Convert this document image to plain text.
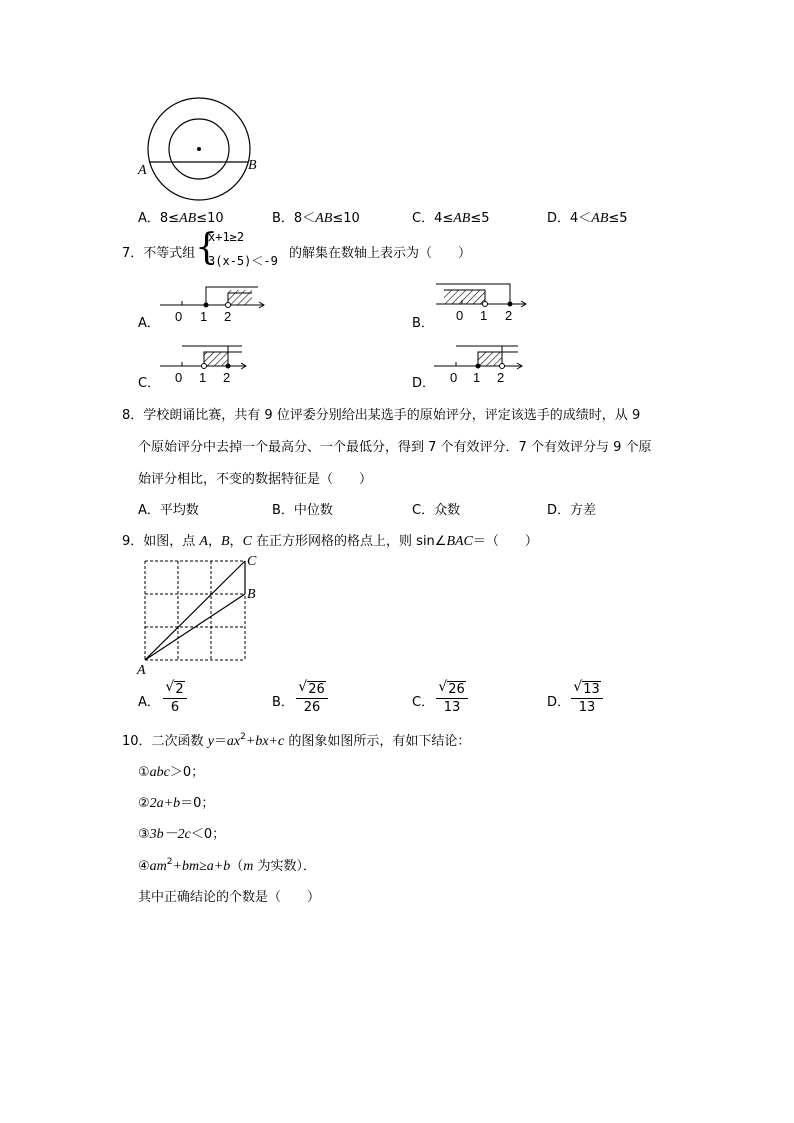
A	B
A．8≤AB≤10	B．8＜AB≤10	C．4≤AB≤5	D．4＜AB≤5
7．不等式组 {
x+1≥2
3(x-5)＜-9 的解集在数轴上表示为（　　）
A．	B．
C．	D．
0 1 2	0 1 2
0 1 2	0 1 2
8．学校朗诵比赛，共有 9 位评委分别给出某选手的原始评分，评定该选手的成绩时，从 9
个原始评分中去掉一个最高分、一个最低分，得到 7 个有效评分．7 个有效评分与 9 个原
始评分相比，不变的数据特征是（　　）
A．平均数	B．中位数	C．众数	D．方差
9．如图，点 A，B，C 在正方形网格的格点上，则 sin∠BAC＝（　　）
A
B
C
A．
$\frac{√ 2}{6}$	B．
$\frac{√ 26}{26}$	C．
$\frac{√ 26}{13}$	D．
$\frac{√ 13}{13}$
10．二次函数 $y=ax^2+bx+c$ 的图象如图所示，有如下结论：
①abc＞0；
②2a+b＝0；
③3b－2c＜0；
$④am^2+bm\ge a+b(m$ 为实数）．
其中正确结论的个数是（　　）
